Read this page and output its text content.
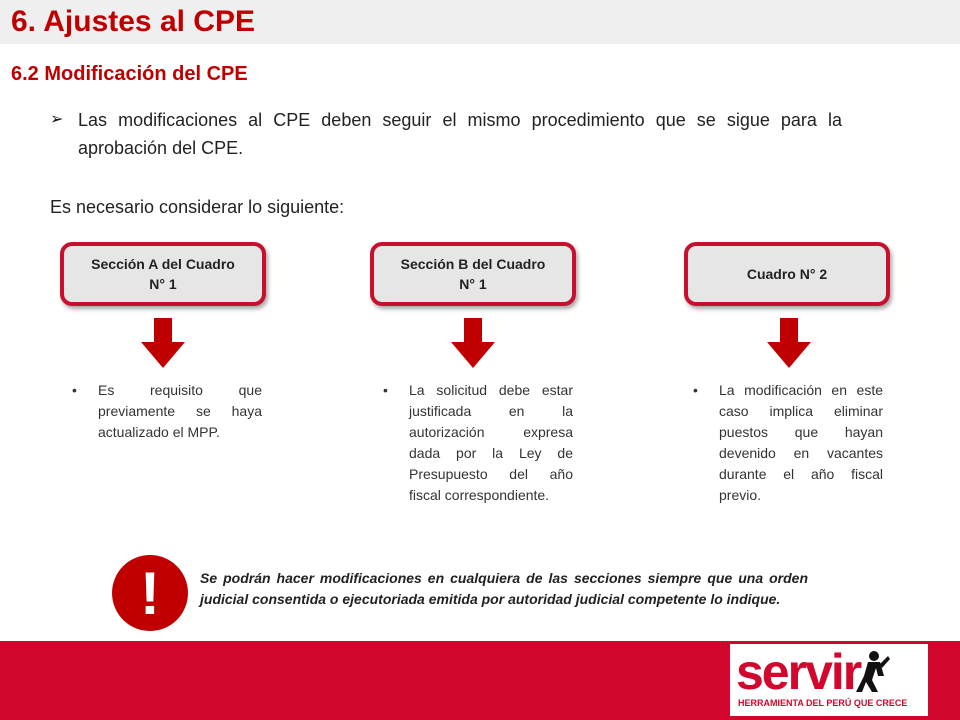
6. Ajustes al CPE
6.2 Modificación del CPE
➢ Las modificaciones al CPE deben seguir el mismo procedimiento que se sigue para la aprobación del CPE.
Es necesario considerar lo siguiente:
Sección A del Cuadro
N° 1
•	Es requisito que previamente se haya actualizado el MPP.
Sección B del Cuadro
N° 1
•	La solicitud debe estar justificada en la autorización expresa dada por la Ley de Presupuesto del año fiscal correspondiente.
Cuadro N° 2
•	La modificación en este caso implica eliminar puestos que hayan devenido en vacantes durante el año fiscal previo.
!	Se podrán hacer modificaciones en cualquiera de las secciones siempre que una orden judicial consentida o ejecutoriada emitida por autoridad judicial competente lo indique.
servir
HERRAMIENTA DEL PERÚ QUE CRECE
